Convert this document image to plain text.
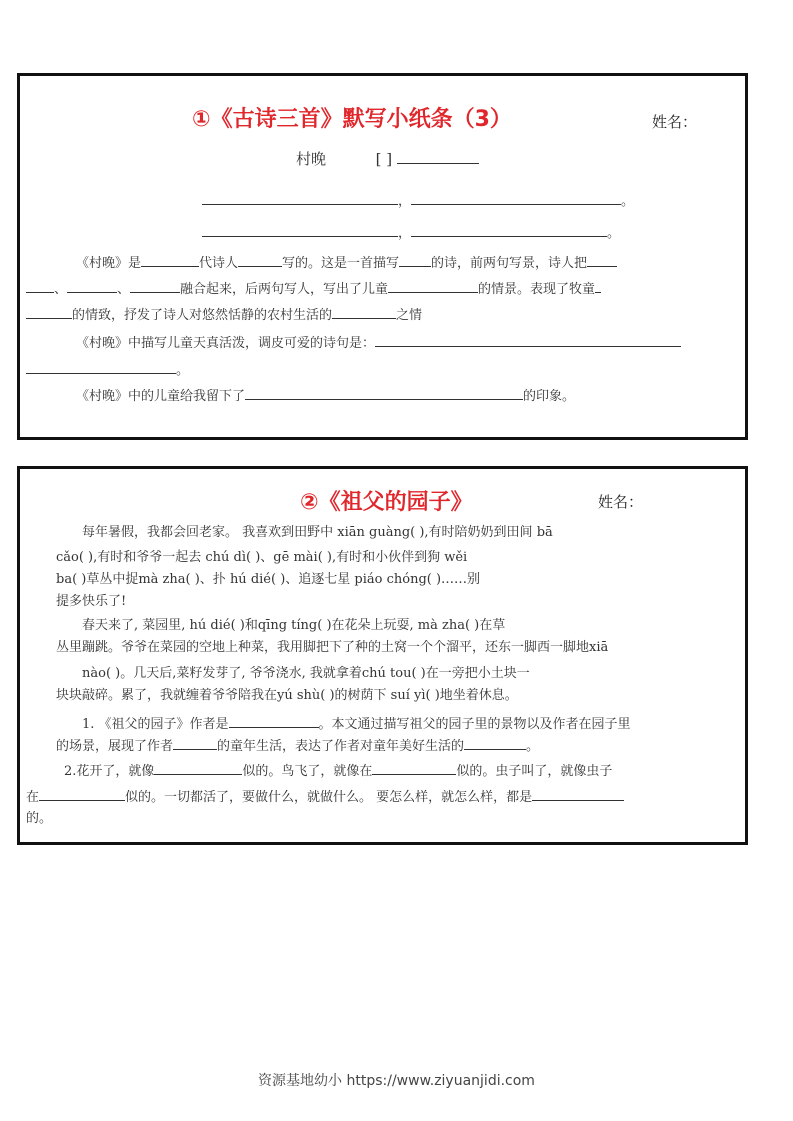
①《古诗三首》默写小纸条（3）	姓名：
村晚	[ ]
，	。
，	。
《村晚》是	代诗人	写的。这是一首描写 的诗，前两句写景，诗人把
、	、	融合起来，后两句写人，写出了儿童	的情景。表现了牧童
的情致，抒发了诗人对悠然恬静的农村生活的	之情
《村晚》中描写儿童天真活泼，调皮可爱的诗句是：
。
《村晚》中的儿童给我留下了	的印象。
②《祖父的园子》	姓名：
每年暑假，我都会回老家。 我喜欢到田野中 xiān guàng( ),有时陪奶奶到田间 bā
cǎo( ),有时和爷爷一起去 chú dì( )、gē mài( ),有时和小伙伴到狗 wěi
ba( )草丛中捉mà zha( )、扑 hú dié( )、追逐七星 piáo chóng( )……别
提多快乐了!
春天来了, 菜园里, hú dié( )和qīng tíng( )在花朵上玩耍, mà zha( )在草
丛里蹦跳。爷爷在菜园的空地上种菜，我用脚把下了种的土窝一个个溜平，还东一脚西一脚地xiā
nào( )。几天后,菜籽发芽了, 爷爷浇水, 我就拿着chú tou( )在一旁把小土块一
块块敲碎。累了，我就缠着爷爷陪我在yú shù( )的树荫下 suí yì( )地坐着休息。
1. 《祖父的园子》作者是	。本文通过描写祖父的园子里的景物以及作者在园子里
的场景，展现了作者	的童年生活，表达了作者对童年美好生活的	。
2.花开了，就像	似的。鸟飞了，就像在	似的。虫子叫了，就像虫子
在	似的。一切都活了，要做什么，就做什么。 要怎么样，就怎么样，都是
的。
资源基地幼小 https://www.ziyuanjidi.com
